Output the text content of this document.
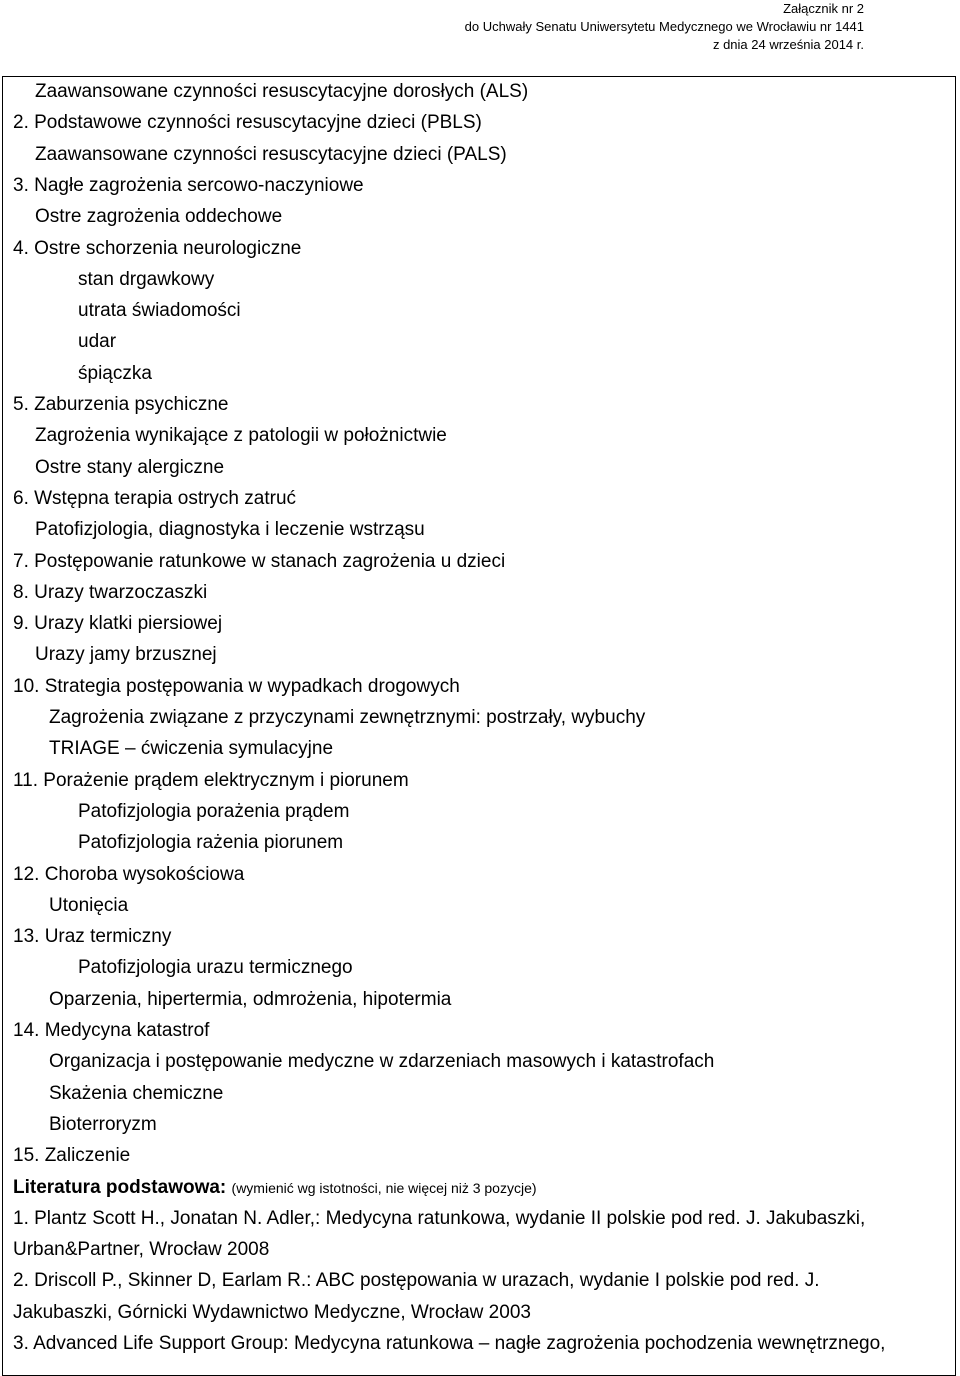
Załącznik nr 2
do Uchwały Senatu Uniwersytetu Medycznego we Wrocławiu nr 1441
z dnia 24 września 2014 r.
Zaawansowane czynności resuscytacyjne dorosłych (ALS)
2. Podstawowe czynności resuscytacyjne dzieci (PBLS)
Zaawansowane czynności resuscytacyjne dzieci (PALS)
3. Nagłe zagrożenia sercowo-naczyniowe
Ostre zagrożenia oddechowe
4. Ostre schorzenia neurologiczne
stan drgawkowy
utrata świadomości
udar
śpiączka
5. Zaburzenia psychiczne
Zagrożenia wynikające z patologii w położnictwie
Ostre stany alergiczne
6. Wstępna terapia ostrych zatruć
Patofizjologia, diagnostyka i leczenie wstrząsu
7. Postępowanie ratunkowe w stanach zagrożenia u dzieci
8. Urazy twarzoczaszki
9. Urazy klatki piersiowej
Urazy jamy brzusznej
10. Strategia postępowania w wypadkach drogowych
Zagrożenia związane z przyczynami zewnętrznymi: postrzały, wybuchy
TRIAGE – ćwiczenia symulacyjne
11. Porażenie prądem elektrycznym i piorunem
Patofizjologia porażenia prądem
Patofizjologia rażenia piorunem
12. Choroba wysokościowa
Utonięcia
13. Uraz termiczny
Patofizjologia urazu termicznego
Oparzenia, hipertermia, odmrożenia, hipotermia
14. Medycyna katastrof
Organizacja i postępowanie medyczne w zdarzeniach masowych i katastrofach
Skażenia chemiczne
Bioterroryzm
15. Zaliczenie
Literatura podstawowa: (wymienić wg istotności, nie więcej niż 3 pozycje)
1. Plantz Scott H., Jonatan N. Adler,: Medycyna ratunkowa, wydanie II polskie pod red. J. Jakubaszki,
Urban&Partner, Wrocław 2008
2. Driscoll P., Skinner D, Earlam R.: ABC postępowania w urazach, wydanie I polskie pod red. J.
Jakubaszki, Górnicki Wydawnictwo Medyczne, Wrocław 2003
3. Advanced Life Support Group: Medycyna ratunkowa – nagłe zagrożenia pochodzenia wewnętrznego,
